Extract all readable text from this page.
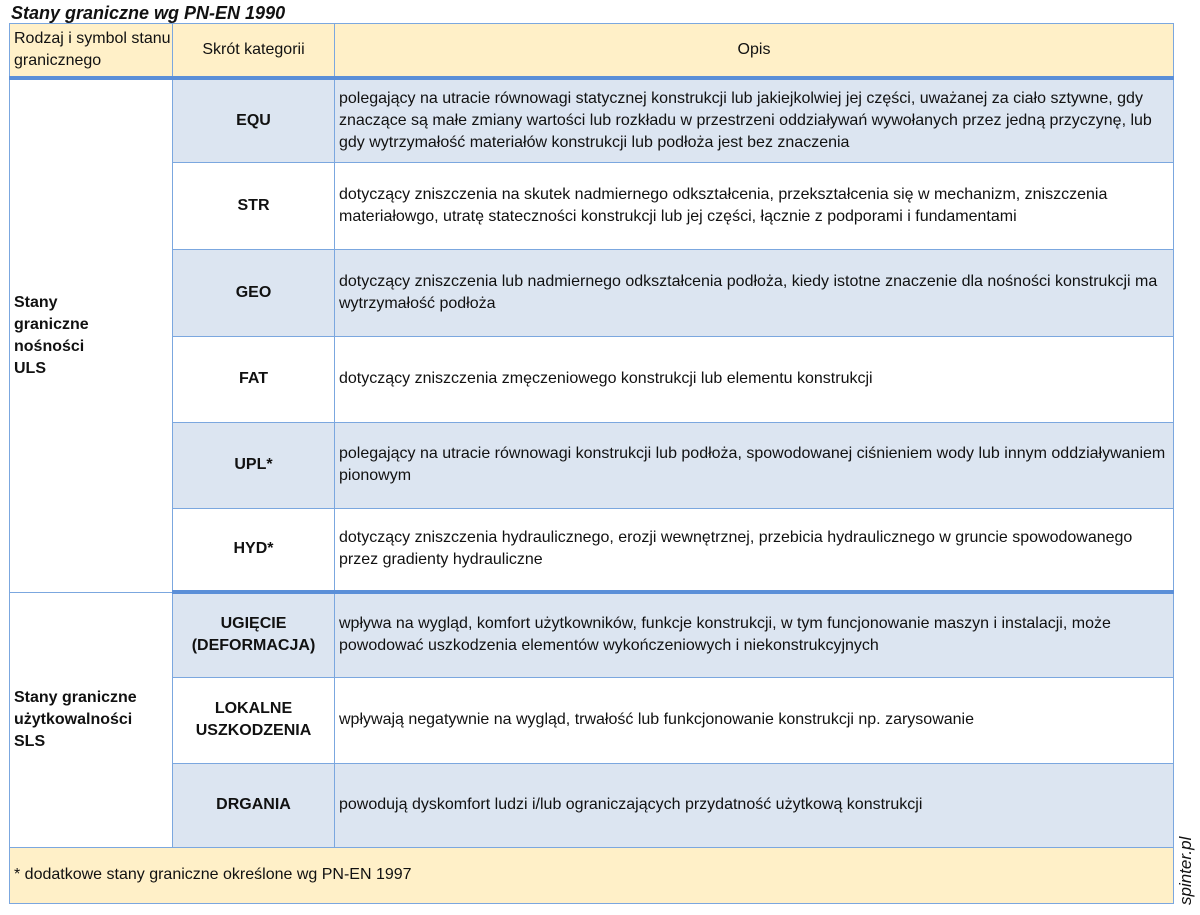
Stany graniczne wg PN-EN 1990
Rodzaj i symbol stanu granicznego	Skrót kategorii	Opis
Stany graniczne nośności ULS	EQU	polegający na utracie równowagi statycznej konstrukcji lub jakiejkolwiej jej części, uważanej za ciało sztywne, gdy znaczące są małe zmiany wartości lub rozkładu w przestrzeni oddziaływań wywołanych przez jedną przyczynę, lub gdy wytrzymałość materiałów konstrukcji lub podłoża jest bez znaczenia
	STR	dotyczący zniszczenia na skutek nadmiernego odkształcenia, przekształcenia się w mechanizm, zniszczenia materiałowgo, utratę stateczności konstrukcji lub jej części, łącznie z podporami i fundamentami
	GEO	dotyczący zniszczenia lub nadmiernego odkształcenia podłoża, kiedy istotne znaczenie dla nośności konstrukcji ma wytrzymałość podłoża
	FAT	dotyczący zniszczenia zmęczeniowego konstrukcji lub elementu konstrukcji
	UPL*	polegający na utracie równowagi konstrukcji lub podłoża, spowodowanej ciśnieniem wody lub innym oddziaływaniem pionowym
	HYD*	dotyczący zniszczenia hydraulicznego, erozji wewnętrznej, przebicia hydraulicznego w gruncie spowodowanego przez gradienty hydrauliczne
Stany graniczne użytkowalności SLS	UGIĘCIE (DEFORMACJA)	wpływa na wygląd, komfort użytkowników, funkcje konstrukcji, w tym funcjonowanie maszyn i instalacji, może powodować uszkodzenia elementów wykończeniowych i niekonstrukcyjnych
	LOKALNE USZKODZENIA	wpływają negatywnie na wygląd, trwałość lub funkcjonowanie konstrukcji np. zarysowanie
	DRGANIA	powodują dyskomfort ludzi i/lub ograniczających przydatność użytkową konstrukcji
* dodatkowe stany graniczne określone wg PN-EN 1997			spinter.pl
